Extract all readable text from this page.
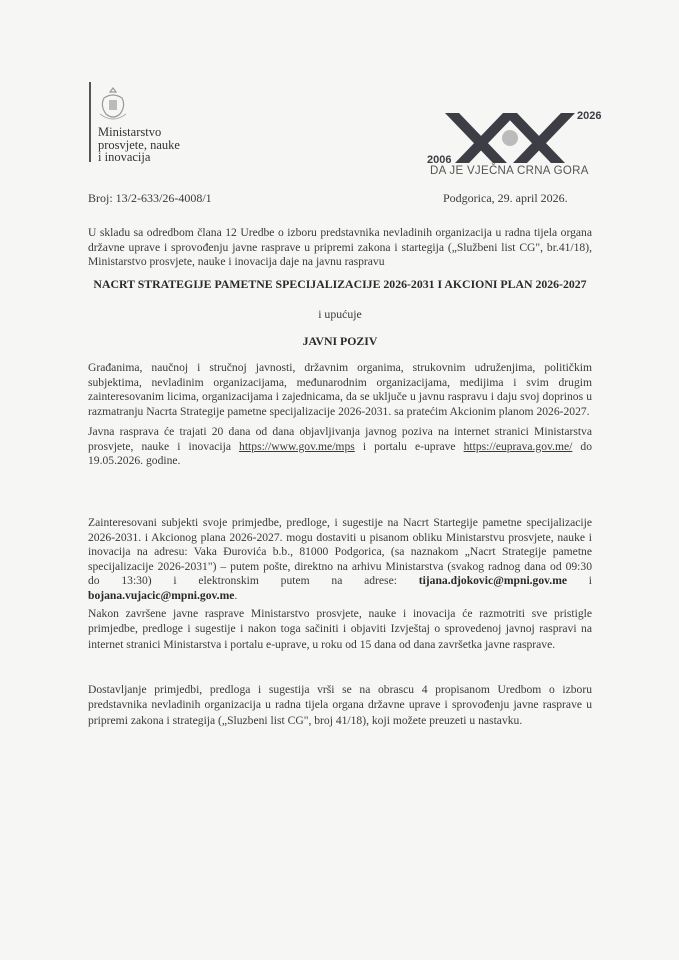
Ministarstvo
prosvjete, nauke
i inovacija
2026
2006
DA JE VJEČNA CRNA GORA
Broj: 13/2-633/26-4008/1	Podgorica, 29. april 2026.
U skladu sa odredbom člana 12 Uredbe o izboru predstavnika nevladinih organizacija u radna tijela organa državne uprave i sprovođenju javne rasprave u pripremi zakona i startegija („Službeni list CG", br.41/18), Ministarstvo prosvjete, nauke i inovacija daje na javnu raspravu
NACRT STRATEGIJE PAMETNE SPECIJALIZACIJE 2026-2031 I AKCIONI PLAN 2026-2027
i upućuje
JAVNI POZIV
Građanima, naučnoj i stručnoj javnosti, državnim organima, strukovnim udruženjima, političkim subjektima, nevladinim organizacijama, međunarodnim organizacijama, medijima i svim drugim zainteresovanim licima, organizacijama i zajednicama, da se uključe u javnu raspravu i daju svoj doprinos u razmatranju Nacrta Strategije pametne specijalizacije 2026-2031. sa pratećim Akcionim planom 2026-2027.
Javna rasprava će trajati 20 dana od dana objavljivanja javnog poziva na internet stranici Ministarstva prosvjete, nauke i inovacija https://www.gov.me/mps i portalu e-uprave https://euprava.gov.me/ do 19.05.2026. godine.
Zainteresovani subjekti svoje primjedbe, predloge, i sugestije na Nacrt Startegije pametne specijalizacije 2026-2031. i Akcionog plana 2026-2027. mogu dostaviti u pisanom obliku Ministarstvu prosvjete, nauke i inovacija na adresu: Vaka Đurovića b.b., 81000 Podgorica, (sa naznakom „Nacrt Strategije pametne specijalizacije 2026-2031") – putem pošte, direktno na arhivu Ministarstva (svakog radnog dana od 09:30 do 13:30) i elektronskim putem na adrese: tijana.djokovic@mpni.gov.me i bojana.vujacic@mpni.gov.me.
Nakon završene javne rasprave Ministarstvo prosvjete, nauke i inovacija će razmotriti sve pristigle primjedbe, predloge i sugestije i nakon toga sačiniti i objaviti Izvještaj o sprovedenoj javnoj raspravi na internet stranici Ministarstva i portalu e-uprave, u roku od 15 dana od dana završetka javne rasprave.
Dostavljanje primjedbi, predloga i sugestija vrši se na obrascu 4 propisanom Uredbom o izboru predstavnika nevladinih organizacija u radna tijela organa državne uprave i sprovođenju javne rasprave u pripremi zakona i strategija („Sluzbeni list CG", broj 41/18), koji možete preuzeti u nastavku.
